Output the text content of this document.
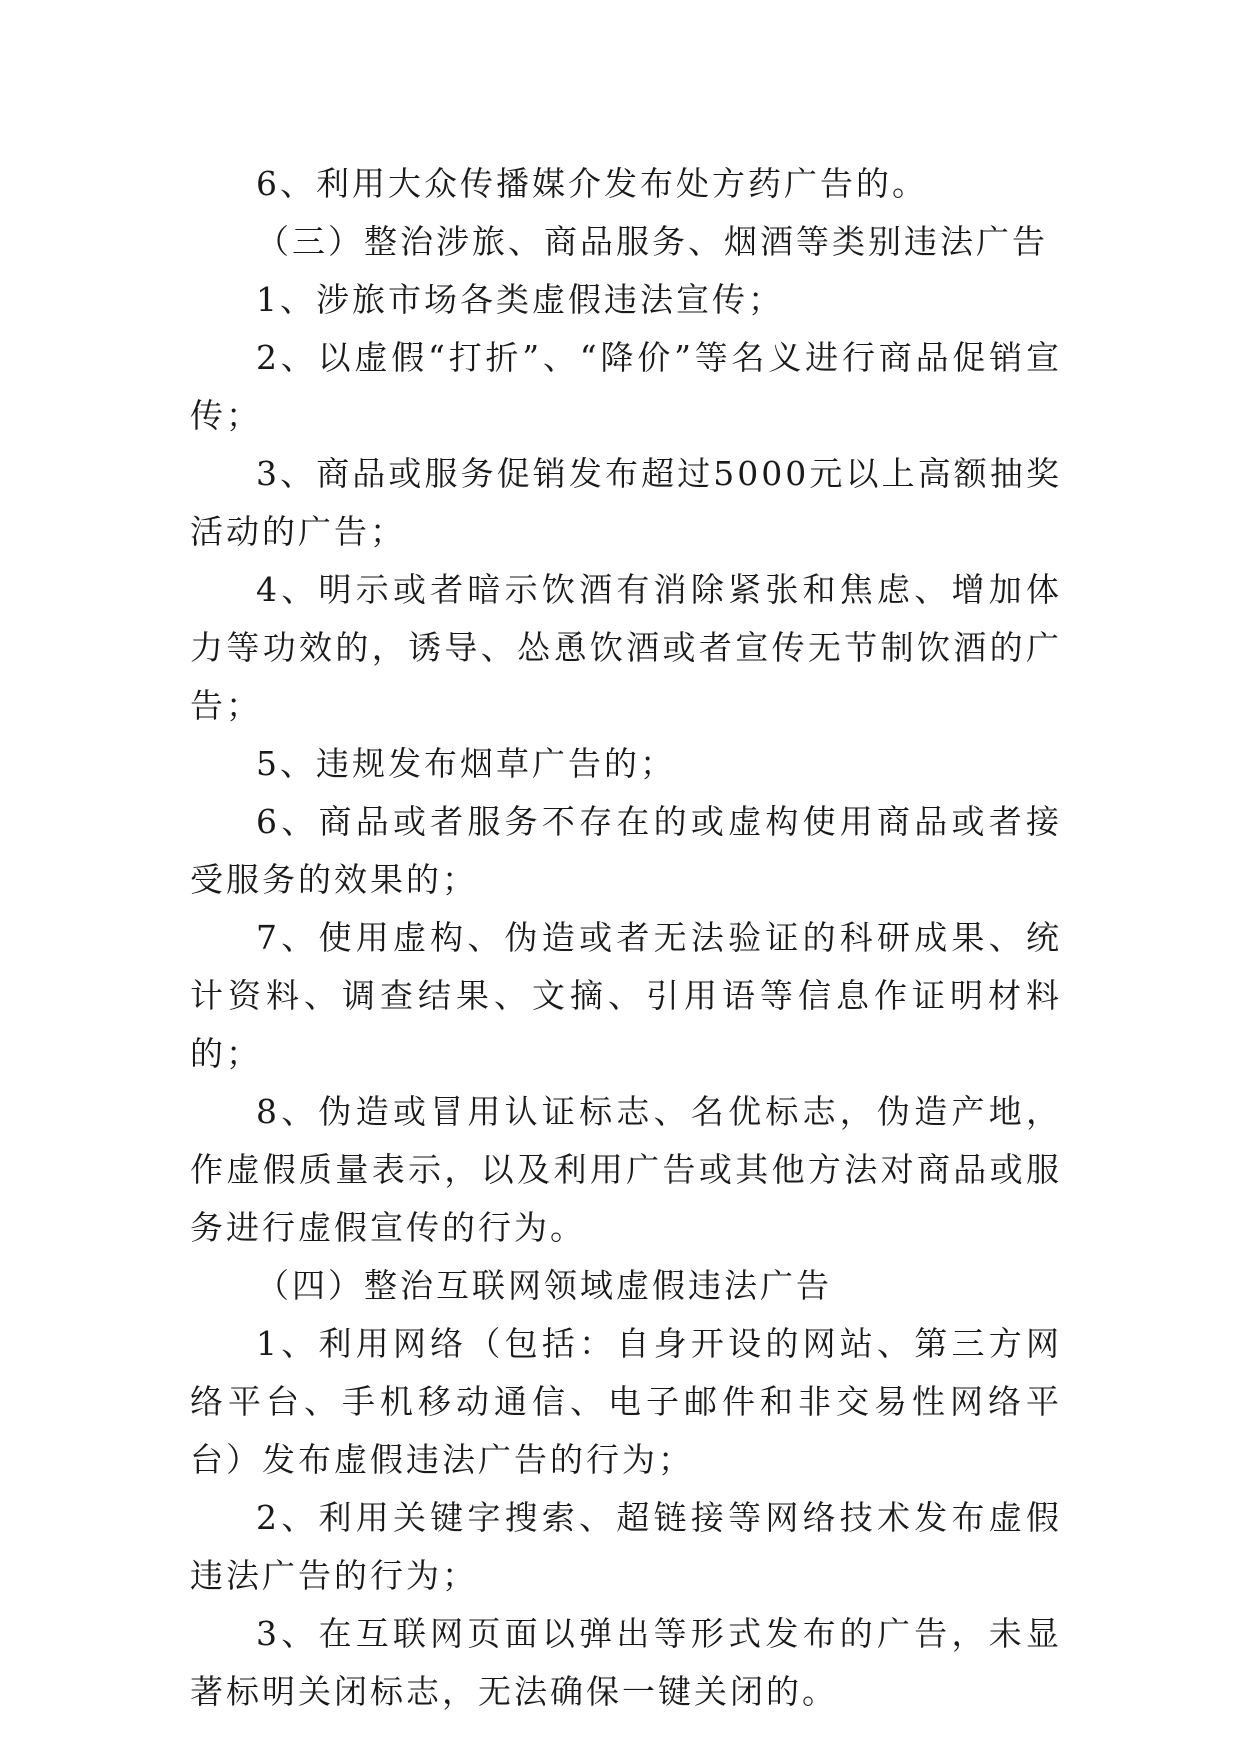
6、利用大众传播媒介发布处方药广告的。

（三）整治涉旅、商品服务、烟酒等类别违法广告

1、涉旅市场各类虚假违法宣传；

2、以虚假“打折”、“降价”等名义进行商品促销宣传；

3、商品或服务促销发布超过5000元以上高额抽奖活动的广告；

4、明示或者暗示饮酒有消除紧张和焦虑、增加体力等功效的，诱导、怂恿饮酒或者宣传无节制饮酒的广告；

5、违规发布烟草广告的；

6、商品或者服务不存在的或虚构使用商品或者接受服务的效果的；

7、使用虚构、伪造或者无法验证的科研成果、统计资料、调查结果、文摘、引用语等信息作证明材料的；

8、伪造或冒用认证标志、名优标志，伪造产地，作虚假质量表示，以及利用广告或其他方法对商品或服务进行虚假宣传的行为。

（四）整治互联网领域虚假违法广告

1、利用网络（包括：自身开设的网站、第三方网络平台、手机移动通信、电子邮件和非交易性网络平台）发布虚假违法广告的行为；

2、利用关键字搜索、超链接等网络技术发布虚假违法广告的行为；

3、在互联网页面以弹出等形式发布的广告，未显著标明关闭标志，无法确保一键关闭的。
